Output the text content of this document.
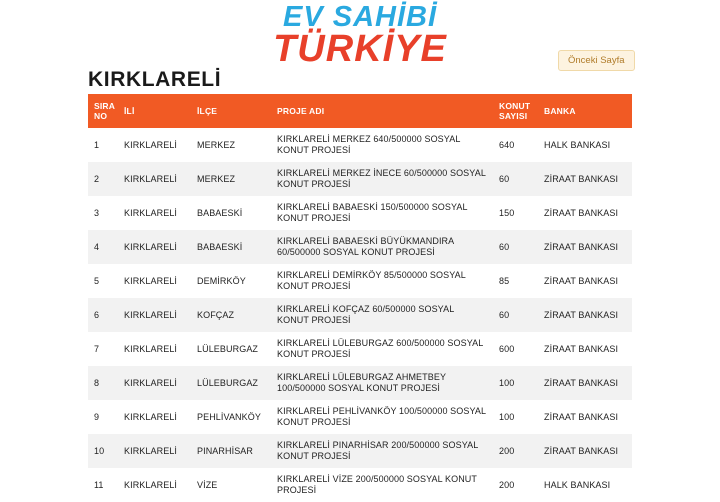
EV SAHİBİ
TÜRKİYE	Önceki Sayfa
KIRKLARELİ
SIRA NO	İLİ	İLÇE	PROJE ADI	KONUT SAYISI	BANKA
1	KIRKLARELİ	MERKEZ	KIRKLARELİ MERKEZ 640/500000 SOSYAL KONUT PROJESİ	640	HALK BANKASI
2	KIRKLARELİ	MERKEZ	KIRKLARELİ MERKEZ İNECE 60/500000 SOSYAL KONUT PROJESİ	60	ZİRAAT BANKASI
3	KIRKLARELİ	BABAESKİ	KIRKLARELİ BABAESKİ 150/500000 SOSYAL KONUT PROJESİ	150	ZİRAAT BANKASI
4	KIRKLARELİ	BABAESKİ	KIRKLARELİ BABAESKİ BÜYÜKMANDIRA 60/500000 SOSYAL KONUT PROJESİ	60	ZİRAAT BANKASI
5	KIRKLARELİ	DEMİRKÖY	KIRKLARELİ DEMİRKÖY 85/500000 SOSYAL KONUT PROJESİ	85	ZİRAAT BANKASI
6	KIRKLARELİ	KOFÇAZ	KIRKLARELİ KOFÇAZ 60/500000 SOSYAL KONUT PROJESİ	60	ZİRAAT BANKASI
7	KIRKLARELİ	LÜLEBURGAZ	KIRKLARELİ LÜLEBURGAZ 600/500000 SOSYAL KONUT PROJESİ	600	ZİRAAT BANKASI
8	KIRKLARELİ	LÜLEBURGAZ	KIRKLARELİ LÜLEBURGAZ AHMETBEY 100/500000 SOSYAL KONUT PROJESİ	100	ZİRAAT BANKASI
9	KIRKLARELİ	PEHLİVANKÖY	KIRKLARELİ PEHLİVANKÖY 100/500000 SOSYAL KONUT PROJESİ	100	ZİRAAT BANKASI
10	KIRKLARELİ	PINARHİSAR	KIRKLARELİ PINARHİSAR 200/500000 SOSYAL KONUT PROJESİ	200	ZİRAAT BANKASI
11	KIRKLARELİ	VİZE	KIRKLARELİ VİZE 200/500000 SOSYAL KONUT PROJESİ	200	HALK BANKASI
